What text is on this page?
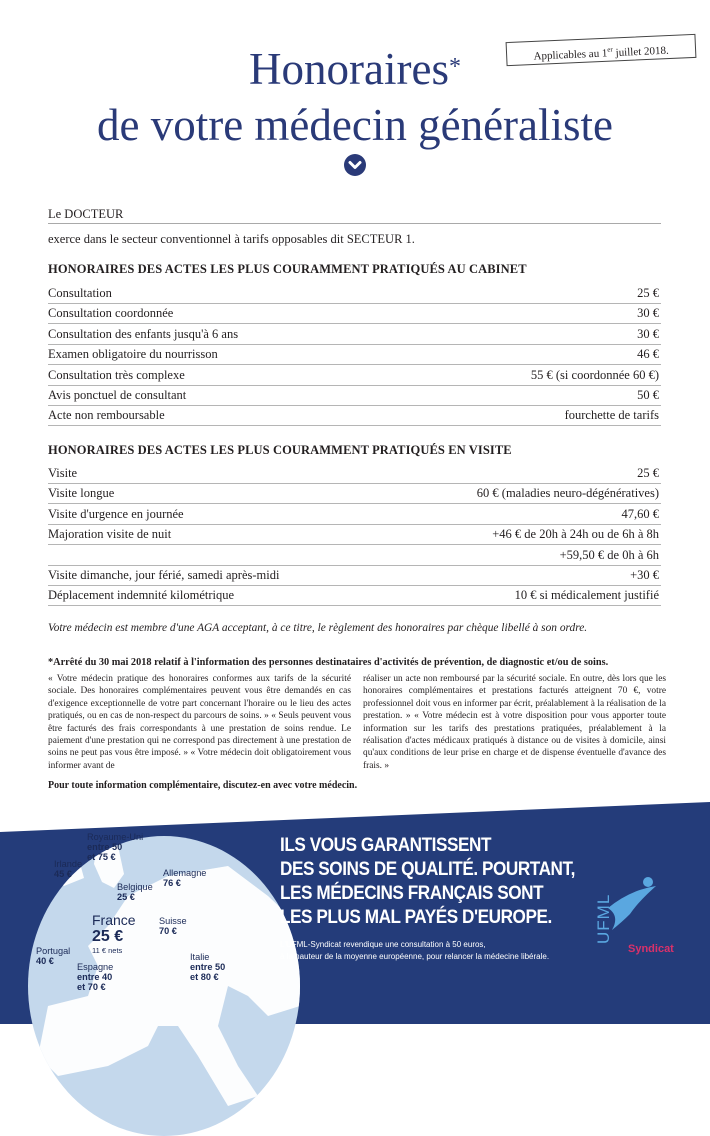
Applicables au 1er juillet 2018.
Honoraires*
de votre médecin généraliste
Le DOCTEUR
exerce dans le secteur conventionnel à tarifs opposables dit SECTEUR 1.
HONORAIRES DES ACTES LES PLUS COURAMMENT PRATIQUÉS AU CABINET
Consultation	25 €
Consultation coordonnée	30 €
Consultation des enfants jusqu'à 6 ans	30 €
Examen obligatoire du nourrisson	46 €
Consultation très complexe	55 € (si coordonnée 60 €)
Avis ponctuel de consultant	50 €
Acte non remboursable	fourchette de tarifs
HONORAIRES DES ACTES LES PLUS COURAMMENT PRATIQUÉS EN VISITE
Visite	25 €
Visite longue	60 € (maladies neuro-dégénératives)
Visite d'urgence en journée	47,60 €
Majoration visite de nuit	+46 € de 20h à 24h ou de 6h à 8h
+59,50 € de 0h à 6h
Visite dimanche, jour férié, samedi après-midi	+30 €
Déplacement indemnité kilométrique	10 € si médicalement justifié
Votre médecin est membre d'une AGA acceptant, à ce titre, le règlement des honoraires par chèque libellé à son ordre.
*Arrêté du 30 mai 2018 relatif à l'information des personnes destinataires d'activités de prévention, de diagnostic et/ou de soins.

« Votre médecin pratique des honoraires conformes aux tarifs de la sécurité sociale. Des honoraires complémentaires peuvent vous être demandés en cas d'exigence exceptionnelle de votre part concernant l'horaire ou le lieu des actes pratiqués, ou en cas de non-respect du parcours de soins. » « Seuls peuvent vous être facturés des frais correspondants à une prestation de soins rendue. Le paiement d'une prestation qui ne correspond pas directement à une prestation de soins ne peut pas vous être imposé. » « Votre médecin doit obligatoirement vous informer avant de

réaliser un acte non remboursé par la sécurité sociale. En outre, dès lors que les honoraires complémentaires et prestations facturés atteignent 70 €, votre professionnel doit vous en informer par écrit, préalablement à la réalisation de la prestation. » « Votre médecin est à votre disposition pour vous apporter toute information sur les tarifs des prestations pratiquées, préalablement à la réalisation d'actes médicaux pratiqués à distance ou de visites à domicile, ainsi qu'aux conditions de leur prise en charge et de dispense éventuelle d'avance des frais. »

Pour toute information complémentaire, discutez-en avec votre médecin.
Royaume-Uni
entre 50
et 75 €
Irlande
45 €	Allemagne
76 €
Belgique
25 €
France
25 €
11 € nets
Suisse
70 €
Portugal
40 €
Espagne
entre 40
et 70 €
Italie
entre 50
et 80 €
ILS VOUS GARANTISSENT
DES SOINS DE QUALITÉ. POURTANT,
LES MÉDECINS FRANÇAIS SONT
LES PLUS MAL PAYÉS D'EUROPE.
L'UFML-Syndicat revendique une consultation à 50 euros,
à la hauteur de la moyenne européenne, pour relancer la médecine libérale.
UFML
Syndicat
